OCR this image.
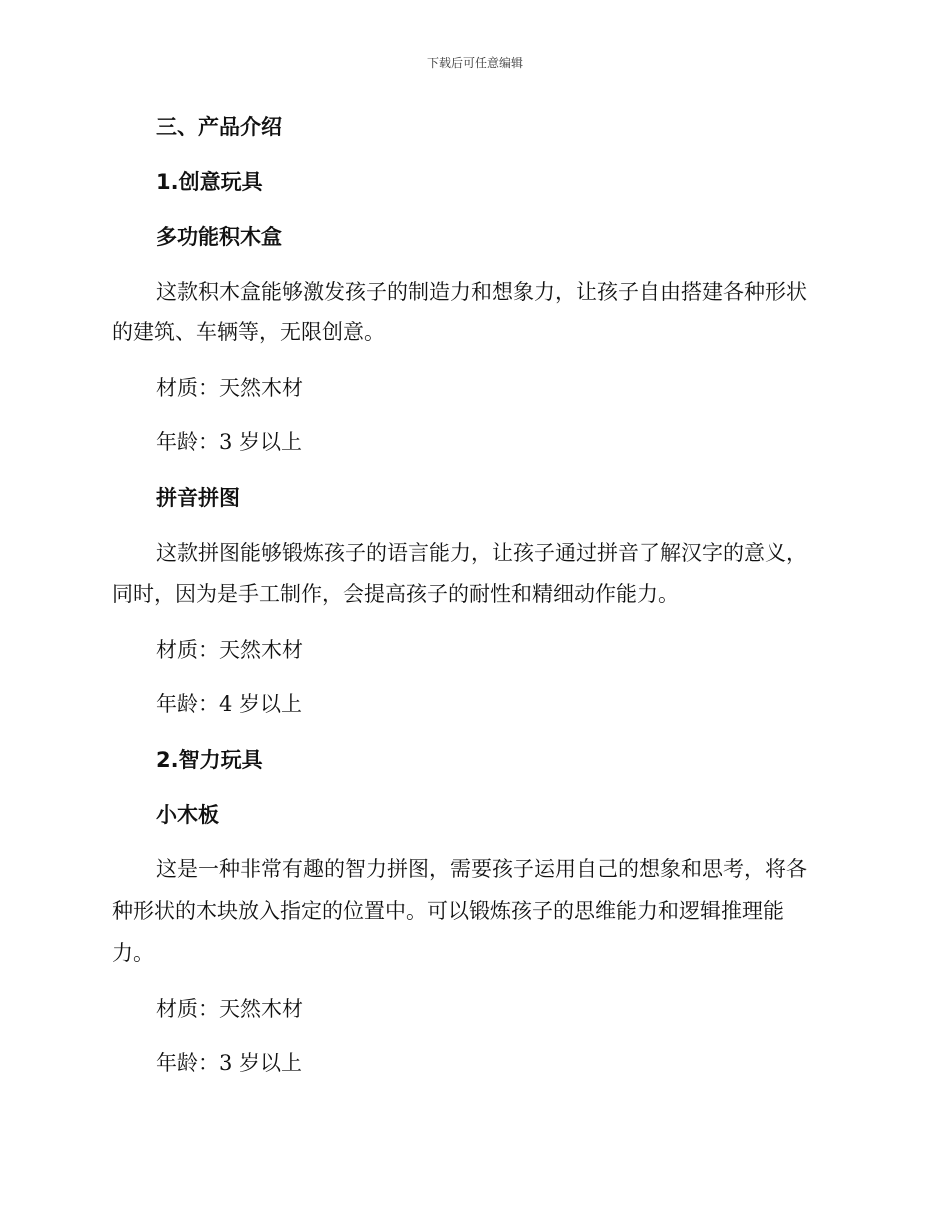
下载后可任意编辑
三、产品介绍
1.创意玩具
多功能积木盒
这款积木盒能够激发孩子的制造力和想象力，让孩子自由搭建各种形状
的建筑、车辆等，无限创意。
材质：天然木材
年龄：3 岁以上
拼音拼图
这款拼图能够锻炼孩子的语言能力，让孩子通过拼音了解汉字的意义，
同时，因为是手工制作，会提高孩子的耐性和精细动作能力。
材质：天然木材
年龄：4 岁以上
2.智力玩具
小木板
这是一种非常有趣的智力拼图，需要孩子运用自己的想象和思考，将各
种形状的木块放入指定的位置中。可以锻炼孩子的思维能力和逻辑推理能
力。
材质：天然木材
年龄：3 岁以上
